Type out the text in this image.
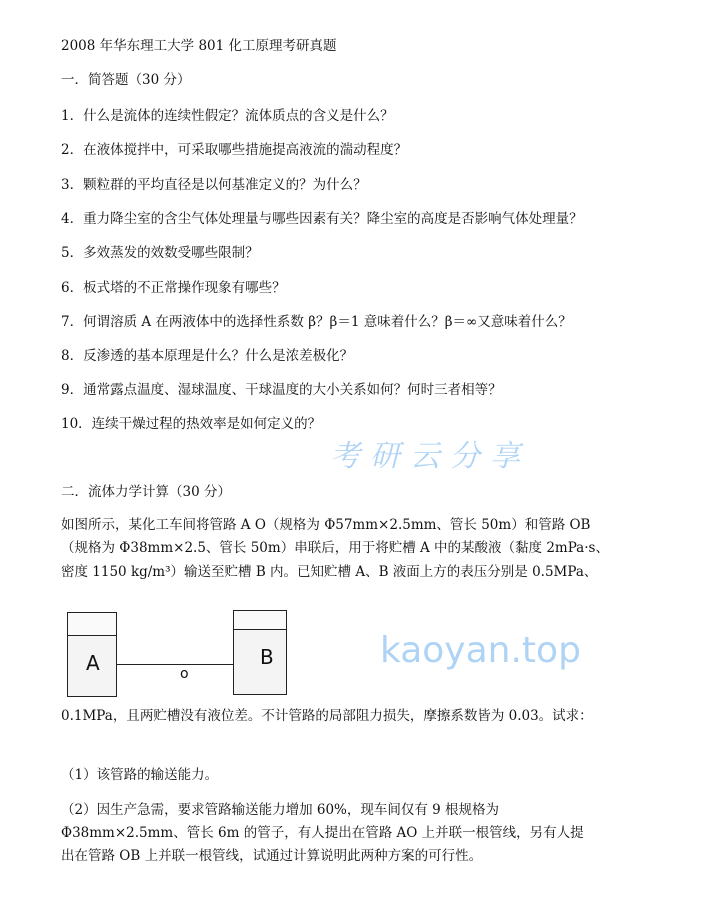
2008 年华东理工大学 801 化工原理考研真题
一．简答题（30 分）
1．什么是流体的连续性假定？流体质点的含义是什么？
2．在液体搅拌中，可采取哪些措施提高液流的湍动程度？
3．颗粒群的平均直径是以何基准定义的？为什么？
4．重力降尘室的含尘气体处理量与哪些因素有关？降尘室的高度是否影响气体处理量？
5．多效蒸发的效数受哪些限制？
6．板式塔的不正常操作现象有哪些？
7．何谓溶质 A 在两液体中的选择性系数 β？β＝1 意味着什么？β＝∞又意味着什么？
8．反渗透的基本原理是什么？什么是浓差极化？
9．通常露点温度、湿球温度、干球温度的大小关系如何？何时三者相等？
10．连续干燥过程的热效率是如何定义的？
考研云分享
二．流体力学计算（30 分）
如图所示，某化工车间将管路 A O（规格为 Φ57mm×2.5mm、管长 50m）和管路 OB
（规格为 Φ38mm×2.5、管长 50m）串联后，用于将贮槽 A 中的某酸液（黏度 2mPa·s、
密度 1150 kg/m³）输送至贮槽 B 内。已知贮槽 A、B 液面上方的表压分别是 0.5MPa、
A	o
B	kaoyan.top
0.1MPa，且两贮槽没有液位差。不计管路的局部阻力损失，摩擦系数皆为 0.03。试求：
（1）该管路的输送能力。
（2）因生产急需，要求管路输送能力增加 60%，现车间仅有 9 根规格为
Φ38mm×2.5mm、管长 6m 的管子，有人提出在管路 AO 上并联一根管线，另有人提
出在管路 OB 上并联一根管线，试通过计算说明此两种方案的可行性。
